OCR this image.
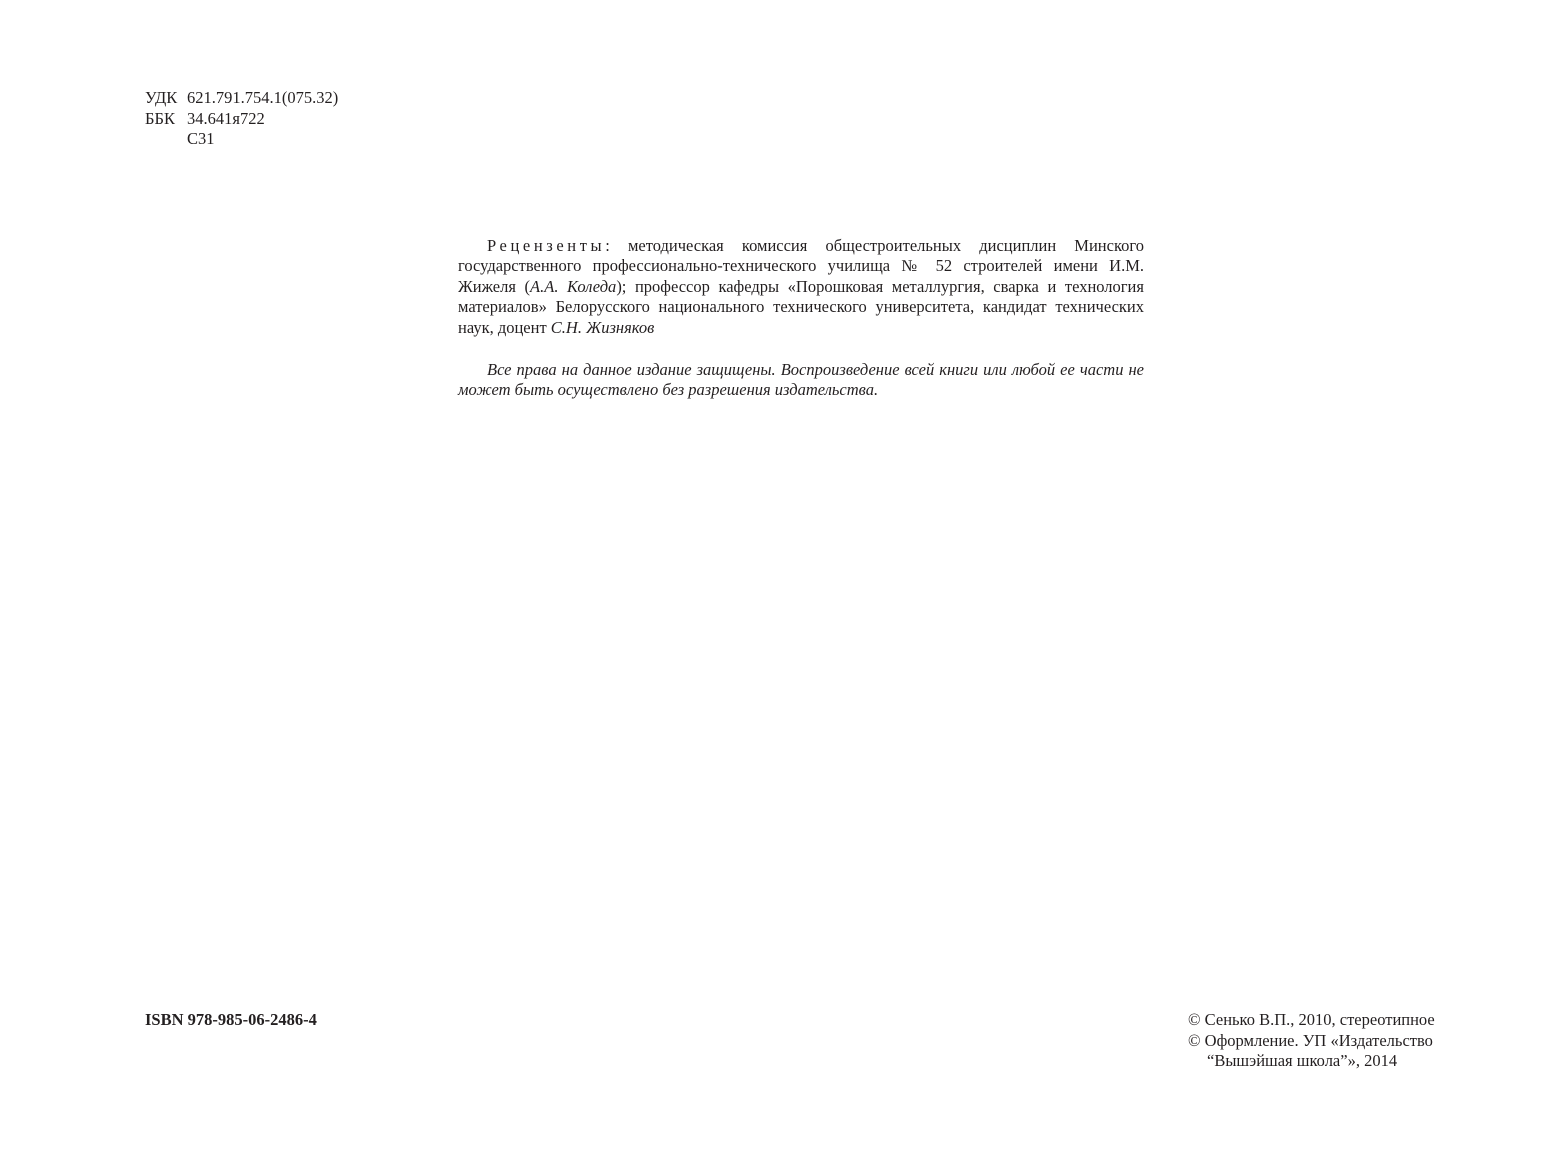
УДК 621.791.754.1(075.32)
ББК 34.641я722
С31

Рецензенты: методическая комиссия общестроительных дисциплин Минского государственного профессионально-технического училища № 52 строителей имени И.М. Жижеля (А.А. Коледа); профессор кафедры «Порошковая металлургия, сварка и технология материалов» Белорусского национального технического университета, кандидат технических наук, доцент С.Н. Жизняков

Все права на данное издание защищены. Воспроизведение всей книги или любой ее части не может быть осуществлено без разрешения издательства.

ISBN 978-985-06-2486-4	© Сенько В.П., 2010, стереотипное
© Оформление. УП «Издательство
“Вышэйшая школа”», 2014
